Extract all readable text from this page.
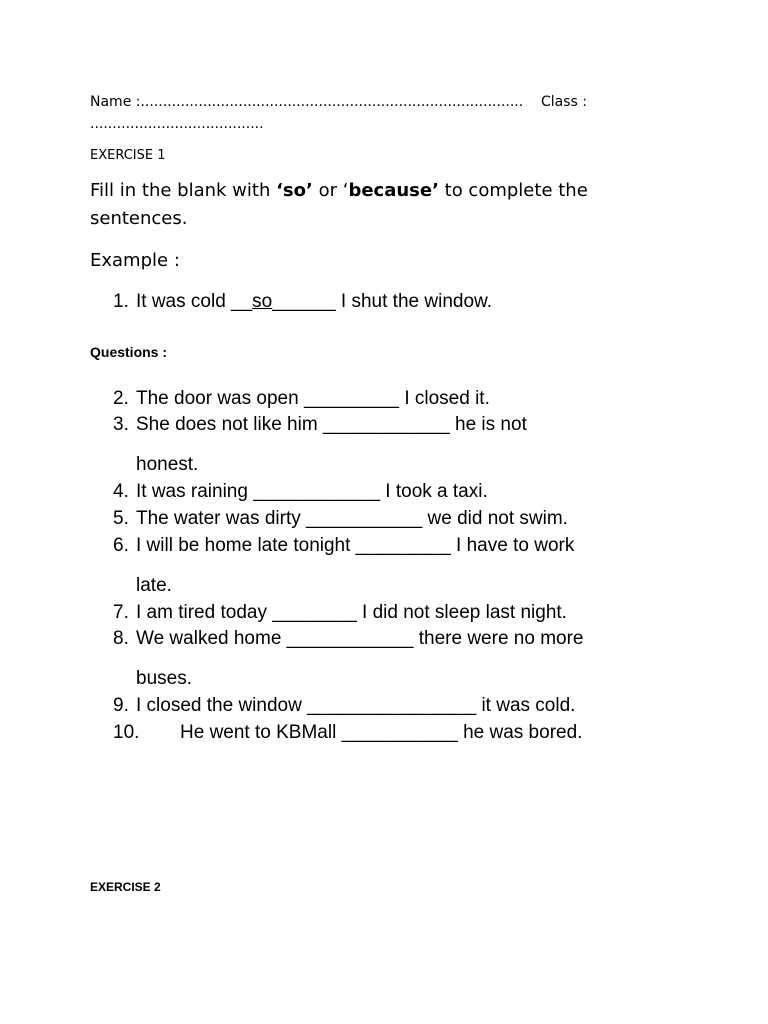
Name :......................................................................................    Class :
.......................................
EXERCISE 1
Fill in the blank with ‘so’ or ‘because’ to complete the
sentences.
Example :
1. It was cold __so______ I shut the window.
Questions :
2. The door was open _________ I closed it.
3. She does not like him ____________ he is not
honest.
4. It was raining ____________ I took a taxi.
5. The water was dirty ___________ we did not swim.
6. I will be home late tonight _________ I have to work
late.
7. I am tired today ________ I did not sleep last night.
8. We walked home ____________ there were no more
buses.
9. I closed the window ________________ it was cold.
10. He went to KBMall ___________ he was bored.
EXERCISE 2
